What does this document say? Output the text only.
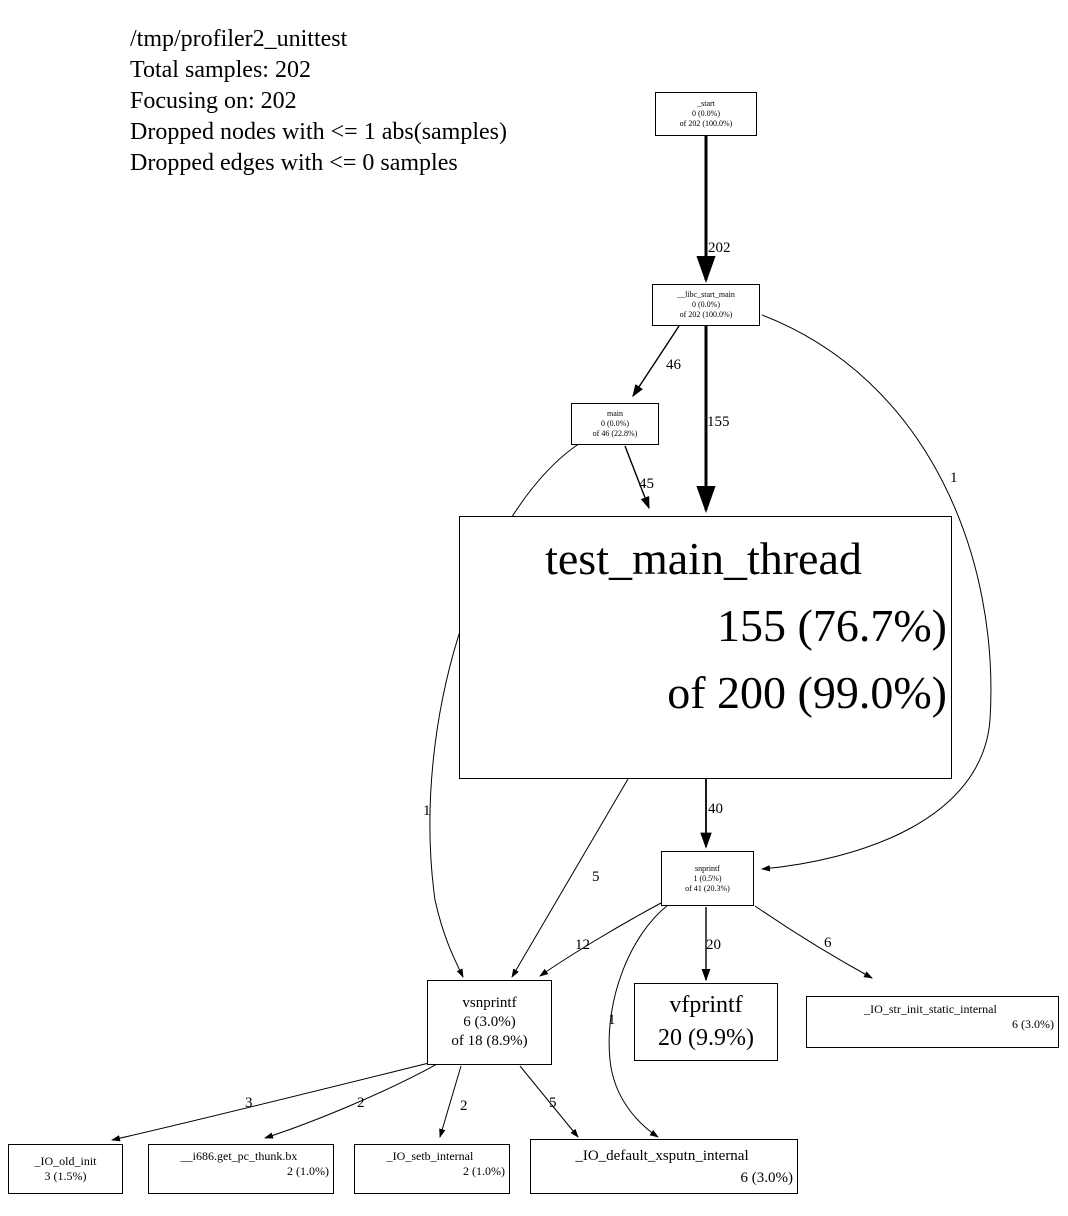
/tmp/profiler2_unittest
Total samples: 202
Focusing on: 202
Dropped nodes with <= 1 abs(samples)
Dropped edges with <= 0 samples
202
46
155
1
45
1	40
5
12	20	6
1
3	2	2	5
_start
0 (0.0%)
of 202 (100.0%)
__libc_start_main
0 (0.0%)
of 202 (100.0%)
main
0 (0.0%)
of 46 (22.8%)
test_main_thread
155 (76.7%)
of 200 (99.0%)
snprintf
1 (0.5%)
of 41 (20.3%)
vsnprintf
6 (3.0%)
of 18 (8.9%)
vfprintf
20 (9.9%)
_IO_str_init_static_internal
6 (3.0%)
_IO_old_init
3 (1.5%)
__i686.get_pc_thunk.bx
2 (1.0%)
_IO_setb_internal
2 (1.0%)
_IO_default_xsputn_internal
6 (3.0%)
